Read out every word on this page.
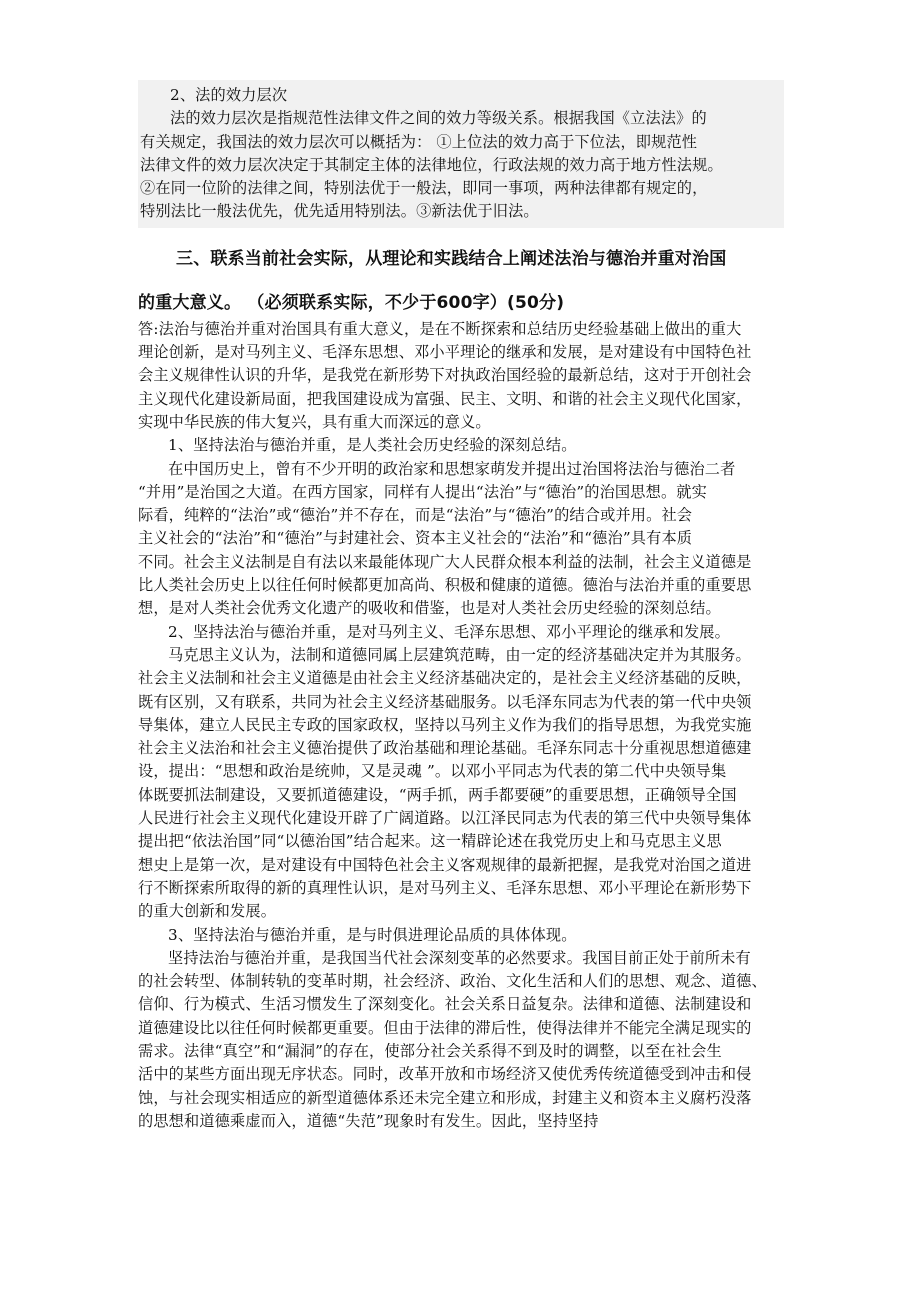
2、法的效力层次
法的效力层次是指规范性法律文件之间的效力等级关系。根据我国《立法法》的
有关规定，我国法的效力层次可以概括为： ①上位法的效力高于下位法，即规范性
法律文件的效力层次决定于其制定主体的法律地位，行政法规的效力高于地方性法规。
②在同一位阶的法律之间，特别法优于一般法，即同一事项，两种法律都有规定的，
特别法比一般法优先，优先适用特别法。③新法优于旧法。
三、联系当前社会实际，从理论和实践结合上阐述法治与德治并重对治国
的重大意义。 （必须联系实际，不少于600字）(50分)
答:法治与德治并重对治国具有重大意义，是在不断探索和总结历史经验基础上做出的重大
理论创新，是对马列主义、毛泽东思想、邓小平理论的继承和发展，是对建设有中国特色社
会主义规律性认识的升华，是我党在新形势下对执政治国经验的最新总结，这对于开创社会
主义现代化建设新局面，把我国建设成为富强、民主、文明、和谐的社会主义现代化国家，
实现中华民族的伟大复兴，具有重大而深远的意义。
1、坚持法治与德治并重，是人类社会历史经验的深刻总结。
在中国历史上，曾有不少开明的政治家和思想家萌发并提出过治国将法治与德治二者
“并用”是治国之大道。在西方国家，同样有人提出“法治”与“德治”的治国思想。就实
际看，纯粹的“法治”或“德治”并不存在，而是“法治”与“德治”的结合或并用。社会
主义社会的“法治”和“德治”与封建社会、资本主义社会的“法治”和“德治”具有本质
不同。社会主义法制是自有法以来最能体现广大人民群众根本利益的法制，社会主义道德是
比人类社会历史上以往任何时候都更加高尚、积极和健康的道德。德治与法治并重的重要思
想，是对人类社会优秀文化遗产的吸收和借鉴，也是对人类社会历史经验的深刻总结。
2、坚持法治与德治并重，是对马列主义、毛泽东思想、邓小平理论的继承和发展。
马克思主义认为，法制和道德同属上层建筑范畴，由一定的经济基础决定并为其服务。
社会主义法制和社会主义道德是由社会主义经济基础决定的，是社会主义经济基础的反映，
既有区别，又有联系，共同为社会主义经济基础服务。以毛泽东同志为代表的第一代中央领
导集体，建立人民民主专政的国家政权，坚持以马列主义作为我们的指导思想，为我党实施
社会主义法治和社会主义德治提供了政治基础和理论基础。毛泽东同志十分重视思想道德建
设，提出：“思想和政治是统帅，又是灵魂 ”。以邓小平同志为代表的第二代中央领导集
体既要抓法制建设，又要抓道德建设，“两手抓，两手都要硬”的重要思想，正确领导全国
人民进行社会主义现代化建设开辟了广阔道路。以江泽民同志为代表的第三代中央领导集体
提出把“依法治国”同“以德治国”结合起来。这一精辟论述在我党历史上和马克思主义思
想史上是第一次，是对建设有中国特色社会主义客观规律的最新把握，是我党对治国之道进
行不断探索所取得的新的真理性认识，是对马列主义、毛泽东思想、邓小平理论在新形势下
的重大创新和发展。
3、坚持法治与德治并重，是与时俱进理论品质的具体体现。
坚持法治与德治并重，是我国当代社会深刻变革的必然要求。我国目前正处于前所未有
的社会转型、体制转轨的变革时期，社会经济、政治、文化生活和人们的思想、观念、道德、
信仰、行为模式、生活习惯发生了深刻变化。社会关系日益复杂。法律和道德、法制建设和
道德建设比以往任何时候都更重要。但由于法律的滞后性，使得法律并不能完全满足现实的
需求。法律“真空”和“漏洞”的存在，使部分社会关系得不到及时的调整，以至在社会生
活中的某些方面出现无序状态。同时，改革开放和市场经济又使优秀传统道德受到冲击和侵
蚀，与社会现实相适应的新型道德体系还未完全建立和形成，封建主义和资本主义腐朽没落
的思想和道德乘虚而入，道德“失范”现象时有发生。因此，坚持坚持
